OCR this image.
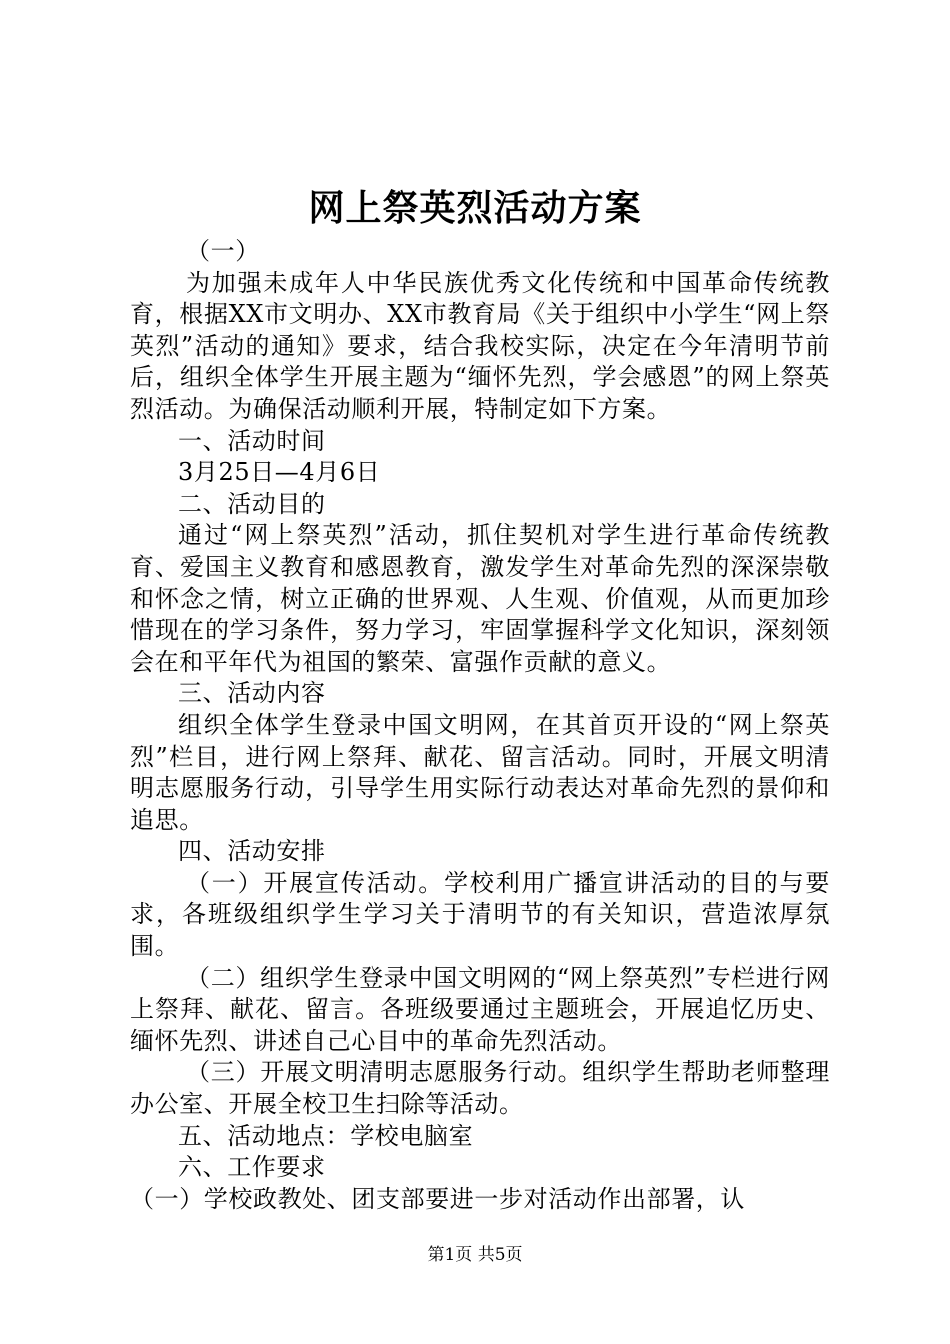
网上祭英烈活动方案

（一）

为加强未成年人中华民族优秀文化传统和中国革命传统教育，根据XX市文明办、XX市教育局《关于组织中小学生“网上祭英烈”活动的通知》要求，结合我校实际，决定在今年清明节前后，组织全体学生开展主题为“缅怀先烈，学会感恩”的网上祭英烈活动。为确保活动顺利开展，特制定如下方案。

一、活动时间

3月25日—4月6日

二、活动目的

通过“网上祭英烈”活动，抓住契机对学生进行革命传统教育、爱国主义教育和感恩教育，激发学生对革命先烈的深深崇敬和怀念之情，树立正确的世界观、人生观、价值观，从而更加珍惜现在的学习条件，努力学习，牢固掌握科学文化知识，深刻领会在和平年代为祖国的繁荣、富强作贡献的意义。

三、活动内容

组织全体学生登录中国文明网，在其首页开设的“网上祭英烈”栏目，进行网上祭拜、献花、留言活动。同时，开展文明清明志愿服务行动，引导学生用实际行动表达对革命先烈的景仰和追思。

四、活动安排

（一）开展宣传活动。学校利用广播宣讲活动的目的与要求，各班级组织学生学习关于清明节的有关知识，营造浓厚氛围。

（二）组织学生登录中国文明网的“网上祭英烈”专栏进行网上祭拜、献花、留言。各班级要通过主题班会，开展追忆历史、缅怀先烈、讲述自己心目中的革命先烈活动。

（三）开展文明清明志愿服务行动。组织学生帮助老师整理办公室、开展全校卫生扫除等活动。

五、活动地点：学校电脑室

六、工作要求

（一）学校政教处、团支部要进一步对活动作出部署，认

第1页 共5页
